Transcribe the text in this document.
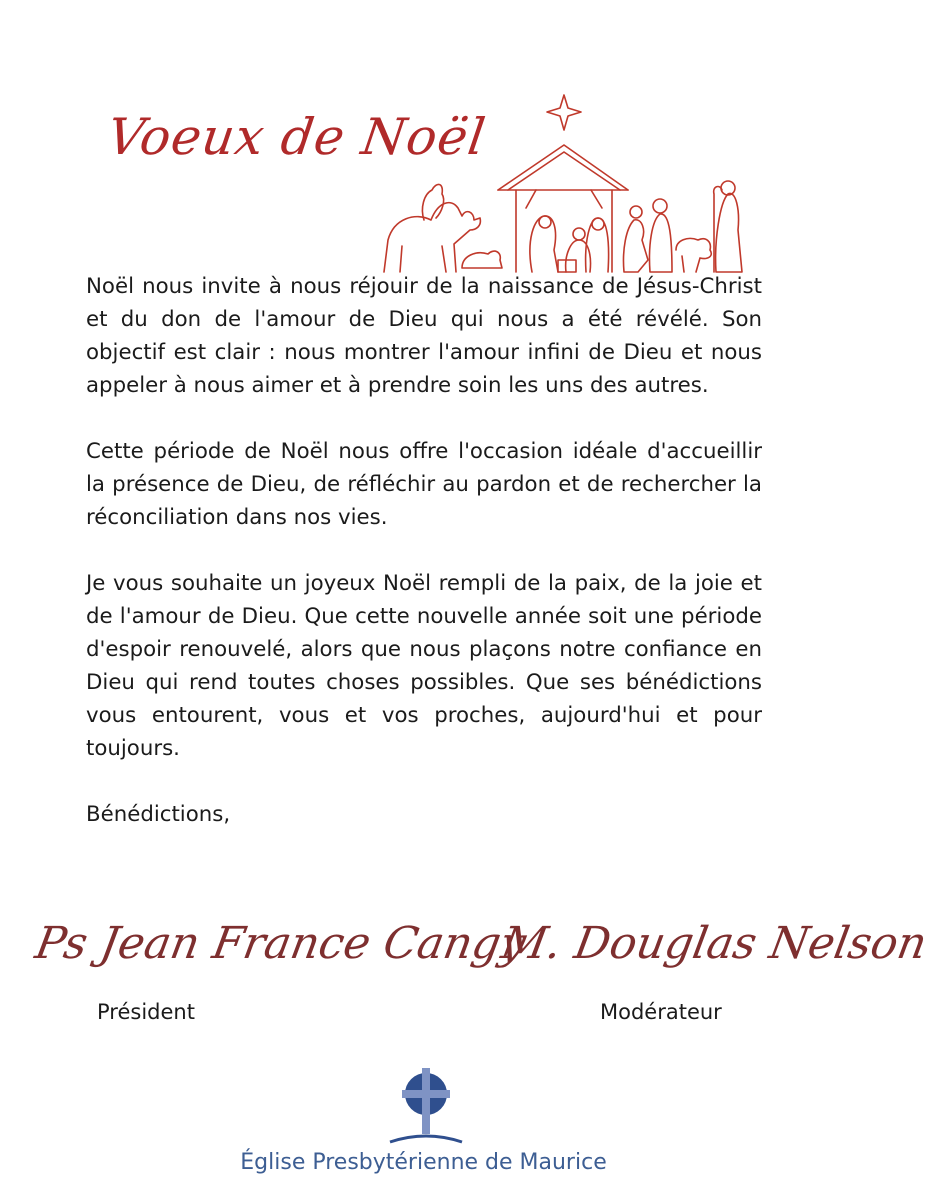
Voeux de Noël

Noël nous invite à nous réjouir de la naissance de Jésus-Christ et du don de l'amour de Dieu qui nous a été révélé. Son objectif est clair : nous montrer l'amour infini de Dieu et nous appeler à nous aimer et à prendre soin les uns des autres.

Cette période de Noël nous offre l'occasion idéale d'accueillir la présence de Dieu, de réfléchir au pardon et de rechercher la réconciliation dans nos vies.

Je vous souhaite un joyeux Noël rempli de la paix, de la joie et de l'amour de Dieu. Que cette nouvelle année soit une période d'espoir renouvelé, alors que nous plaçons notre confiance en Dieu qui rend toutes choses possibles. Que ses bénédictions vous entourent, vous et vos proches, aujourd'hui et pour toujours.

Bénédictions,

Ps Jean France Cangy
Président
M. Douglas Nelson
Modérateur
Église Presbytérienne de Maurice
